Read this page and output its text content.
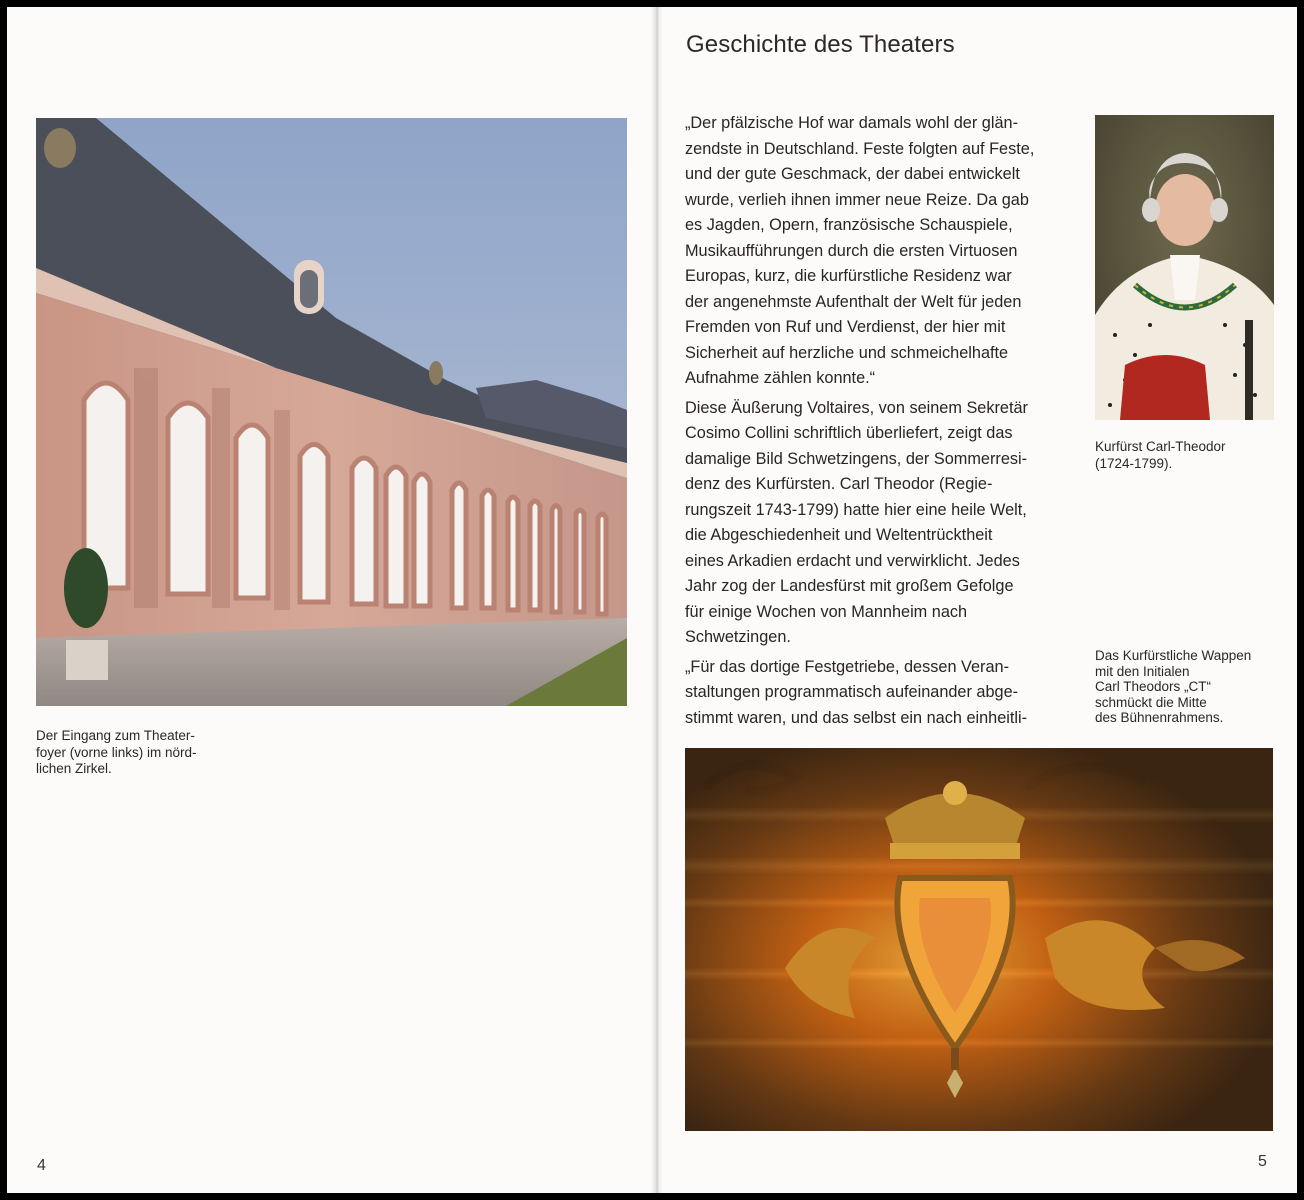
Der Eingang zum Theater-
foyer (vorne links) im nörd-
lichen Zirkel.
4
Geschichte des Theaters

„Der pfälzische Hof war damals wohl der glän-
zendste in Deutschland. Feste folgten auf Feste,
und der gute Geschmack, der dabei entwickelt
wurde, verlieh ihnen immer neue Reize. Da gab
es Jagden, Opern, französische Schauspiele,
Musikaufführungen durch die ersten Virtuosen
Europas, kurz, die kurfürstliche Residenz war
der angenehmste Aufenthalt der Welt für jeden
Fremden von Ruf und Verdienst, der hier mit
Sicherheit auf herzliche und schmeichelhafte
Aufnahme zählen konnte.“

Diese Äußerung Voltaires, von seinem Sekretär
Cosimo Collini schriftlich überliefert, zeigt das
damalige Bild Schwetzingens, der Sommerresi-
denz des Kurfürsten. Carl Theodor (Regie-
rungszeit 1743-1799) hatte hier eine heile Welt,
die Abgeschiedenheit und Weltentrücktheit
eines Arkadien erdacht und verwirklicht. Jedes
Jahr zog der Landesfürst mit großem Gefolge
für einige Wochen von Mannheim nach
Schwetzingen.

„Für das dortige Festgetriebe, dessen Veran-
staltungen programmatisch aufeinander abge-
stimmt waren, und das selbst ein nach einheitli-

Kurfürst Carl-Theodor
(1724-1799).
Das Kurfürstliche Wappen
mit den Initialen
Carl Theodors „CT“
schmückt die Mitte
des Bühnenrahmens.
5
